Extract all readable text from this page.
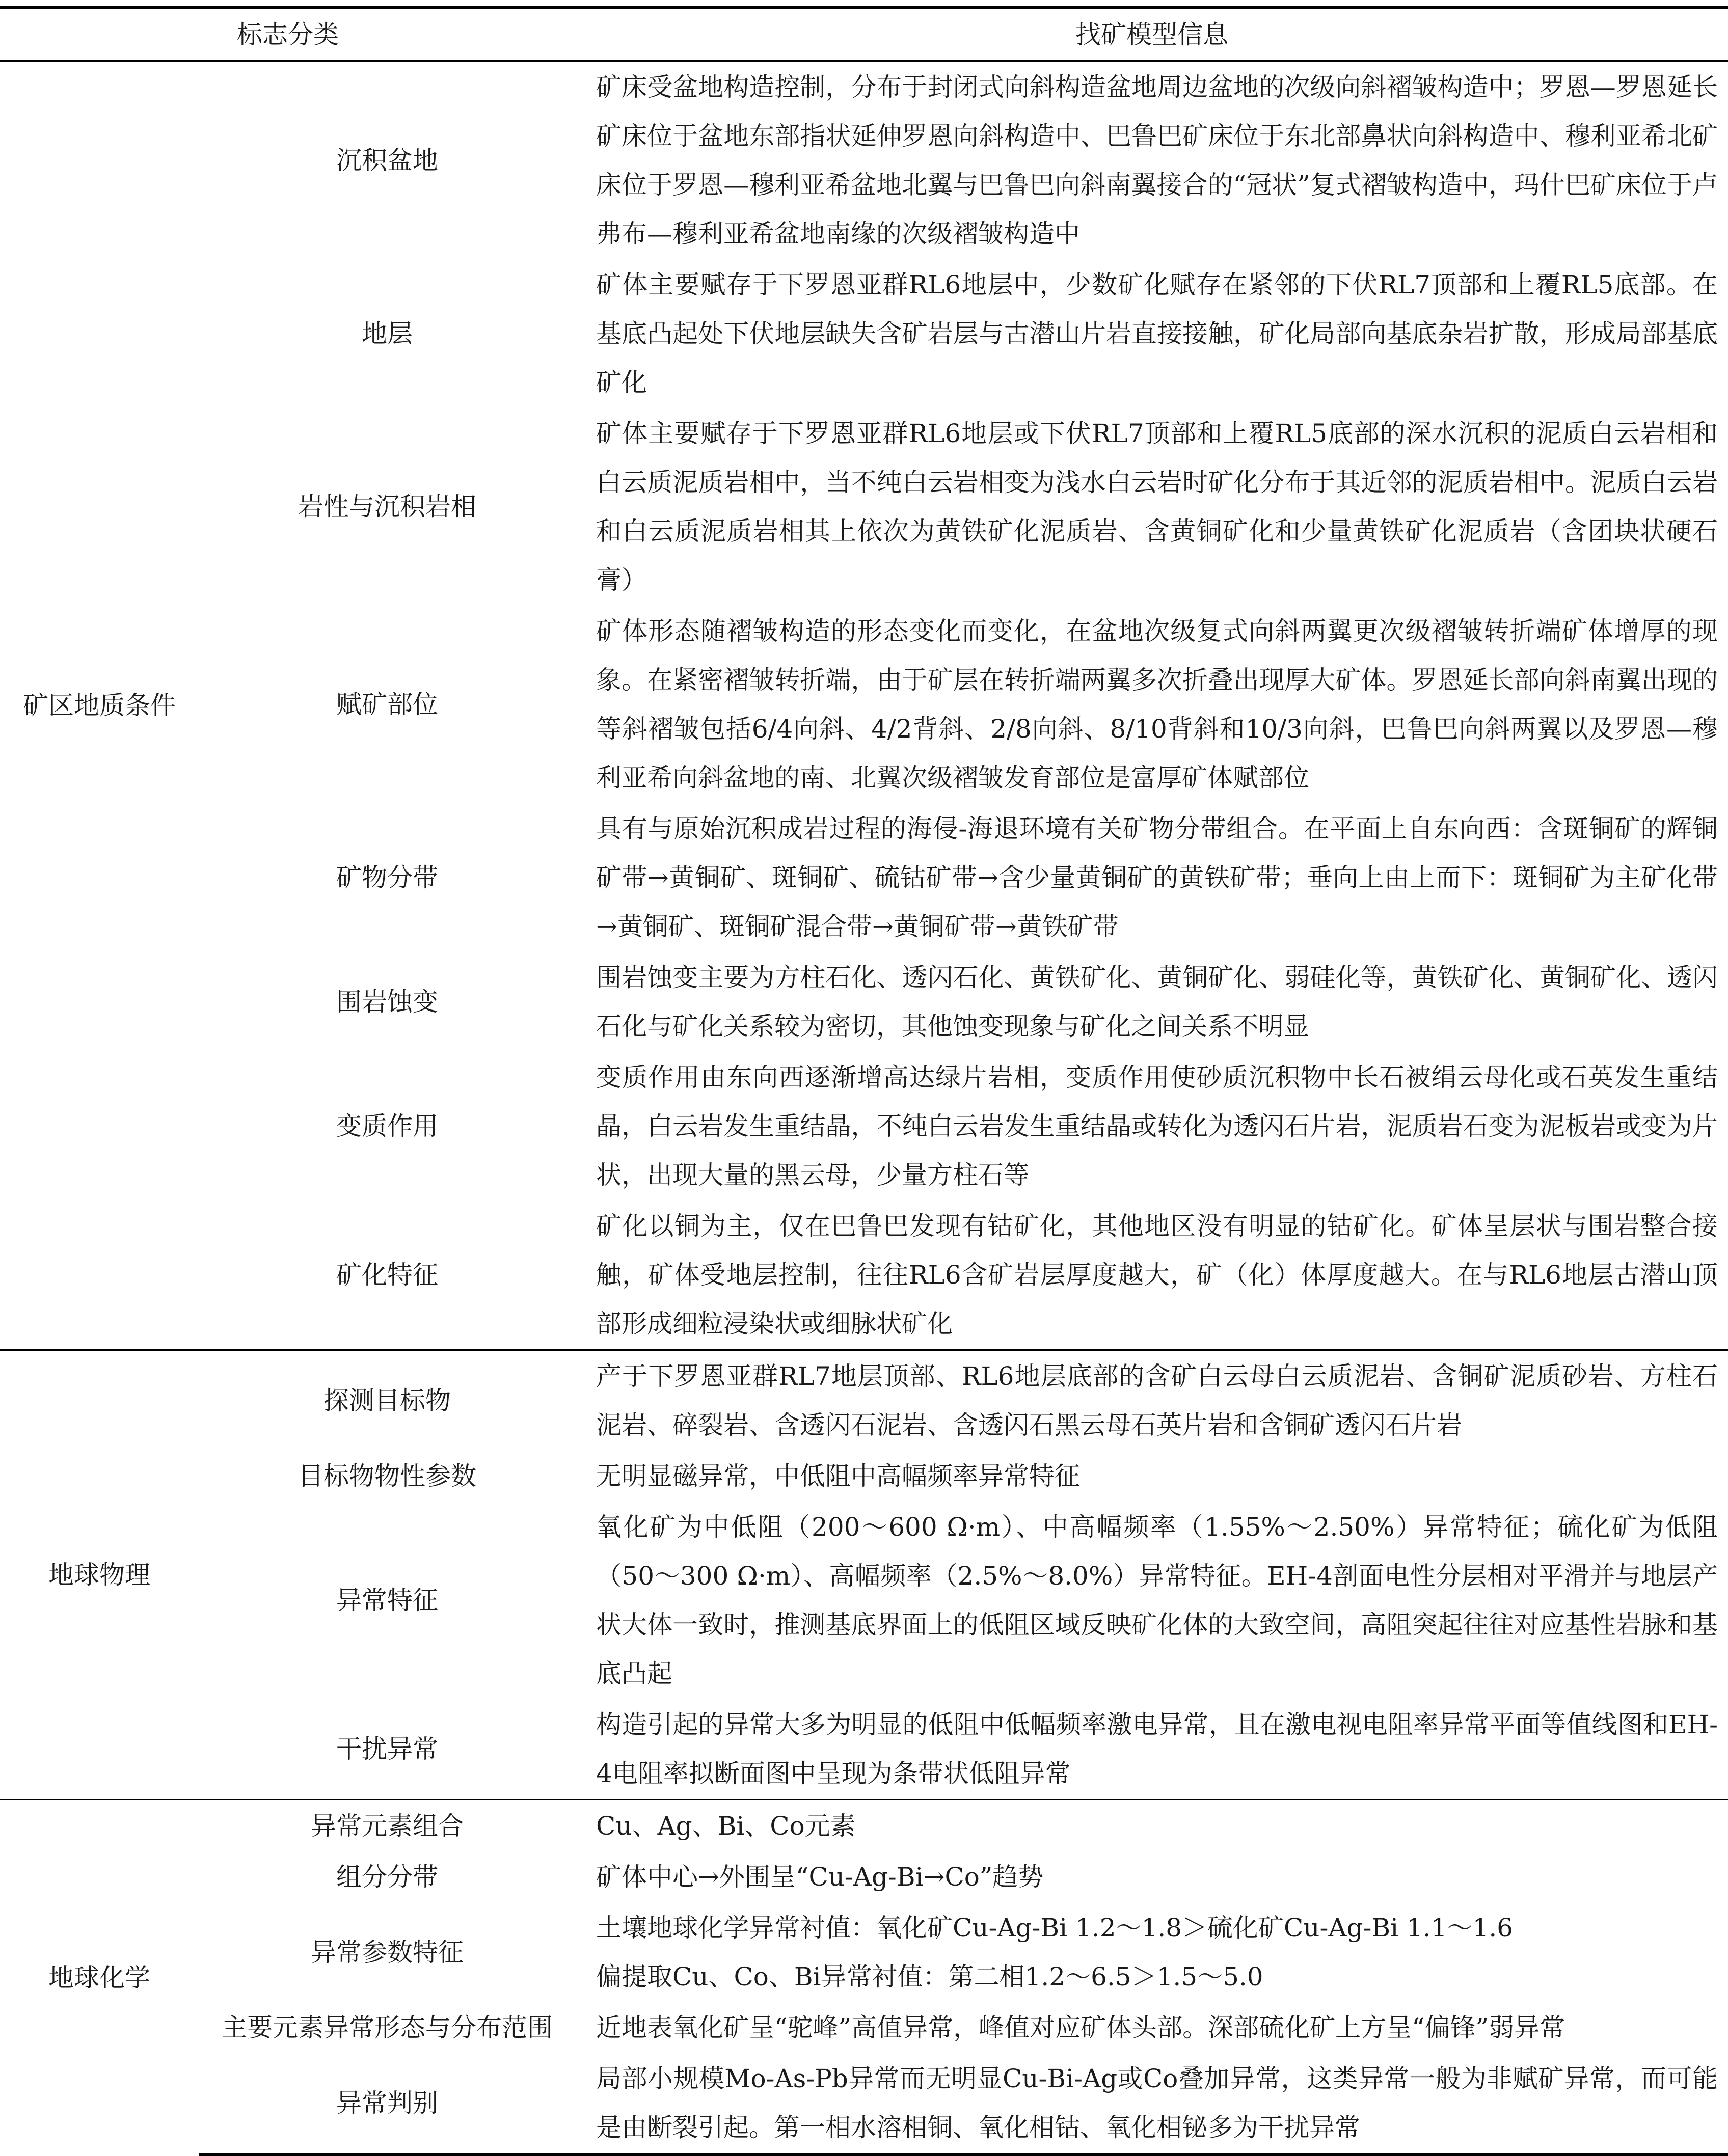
标志分类		找矿模型信息
矿区地质条件	沉积盆地	矿床受盆地构造控制，分布于封闭式向斜构造盆地周边盆地的次级向斜褶皱构造中；罗恩—罗恩延长矿床位于盆地东部指状延伸罗恩向斜构造中、巴鲁巴矿床位于东北部鼻状向斜构造中、穆利亚希北矿床位于罗恩—穆利亚希盆地北翼与巴鲁巴向斜南翼接合的“冠状”复式褶皱构造中，玛什巴矿床位于卢弗布—穆利亚希盆地南缘的次级褶皱构造中
	地层	矿体主要赋存于下罗恩亚群RL6地层中，少数矿化赋存在紧邻的下伏RL7顶部和上覆RL5底部。在基底凸起处下伏地层缺失含矿岩层与古潜山片岩直接接触，矿化局部向基底杂岩扩散，形成局部基底矿化
	岩性与沉积岩相	矿体主要赋存于下罗恩亚群RL6地层或下伏RL7顶部和上覆RL5底部的深水沉积的泥质白云岩相和白云质泥质岩相中，当不纯白云岩相变为浅水白云岩时矿化分布于其近邻的泥质岩相中。泥质白云岩和白云质泥质岩相其上依次为黄铁矿化泥质岩、含黄铜矿化和少量黄铁矿化泥质岩（含团块状硬石膏）
	赋矿部位	矿体形态随褶皱构造的形态变化而变化，在盆地次级复式向斜两翼更次级褶皱转折端矿体增厚的现象。在紧密褶皱转折端，由于矿层在转折端两翼多次折叠出现厚大矿体。罗恩延长部向斜南翼出现的等斜褶皱包括6/4向斜、4/2背斜、2/8向斜、8/10背斜和10/3向斜，巴鲁巴向斜两翼以及罗恩—穆利亚希向斜盆地的南、北翼次级褶皱发育部位是富厚矿体赋部位
	矿物分带	具有与原始沉积成岩过程的海侵-海退环境有关矿物分带组合。在平面上自东向西：含斑铜矿的辉铜矿带→黄铜矿、斑铜矿、硫钴矿带→含少量黄铜矿的黄铁矿带；垂向上由上而下：斑铜矿为主矿化带→黄铜矿、斑铜矿混合带→黄铜矿带→黄铁矿带
	围岩蚀变	围岩蚀变主要为方柱石化、透闪石化、黄铁矿化、黄铜矿化、弱硅化等，黄铁矿化、黄铜矿化、透闪石化与矿化关系较为密切，其他蚀变现象与矿化之间关系不明显
	变质作用	变质作用由东向西逐渐增高达绿片岩相，变质作用使砂质沉积物中长石被绢云母化或石英发生重结晶，白云岩发生重结晶，不纯白云岩发生重结晶或转化为透闪石片岩，泥质岩石变为泥板岩或变为片状，出现大量的黑云母，少量方柱石等
	矿化特征	矿化以铜为主，仅在巴鲁巴发现有钴矿化，其他地区没有明显的钴矿化。矿体呈层状与围岩整合接触，矿体受地层控制，往往RL6含矿岩层厚度越大，矿（化）体厚度越大。在与RL6地层古潜山顶部形成细粒浸染状或细脉状矿化
地球物理	探测目标物	产于下罗恩亚群RL7地层顶部、RL6地层底部的含矿白云母白云质泥岩、含铜矿泥质砂岩、方柱石泥岩、碎裂岩、含透闪石泥岩、含透闪石黑云母石英片岩和含铜矿透闪石片岩
	目标物物性参数	无明显磁异常，中低阻中高幅频率异常特征
	异常特征	氧化矿为中低阻（200～600 Ω·m）、中高幅频率（1.55%～2.50%）异常特征；硫化矿为低阻（50～300 Ω·m）、高幅频率（2.5%～8.0%）异常特征。EH-4剖面电性分层相对平滑并与地层产状大体一致时，推测基底界面上的低阻区域反映矿化体的大致空间，高阻突起往往对应基性岩脉和基底凸起
	干扰异常	构造引起的异常大多为明显的低阻中低幅频率激电异常，且在激电视电阻率异常平面等值线图和EH-4电阻率拟断面图中呈现为条带状低阻异常
地球化学	异常元素组合	Cu、Ag、Bi、Co元素
	组分分带	矿体中心→外围呈“Cu-Ag-Bi→Co”趋势
	异常参数特征	土壤地球化学异常衬值：氧化矿Cu-Ag-Bi 1.2～1.8＞硫化矿Cu-Ag-Bi 1.1～1.6
偏提取Cu、Co、Bi异常衬值：第二相1.2～6.5＞1.5～5.0

	主要元素异常形态与分布范围	近地表氧化矿呈“驼峰”高值异常，峰值对应矿体头部。深部硫化矿上方呈“偏锋”弱异常
	异常判别	局部小规模Mo-As-Pb异常而无明显Cu-Bi-Ag或Co叠加异常，这类异常一般为非赋矿异常，而可能是由断裂引起。第一相水溶相铜、氧化相钴、氧化相铋多为干扰异常
